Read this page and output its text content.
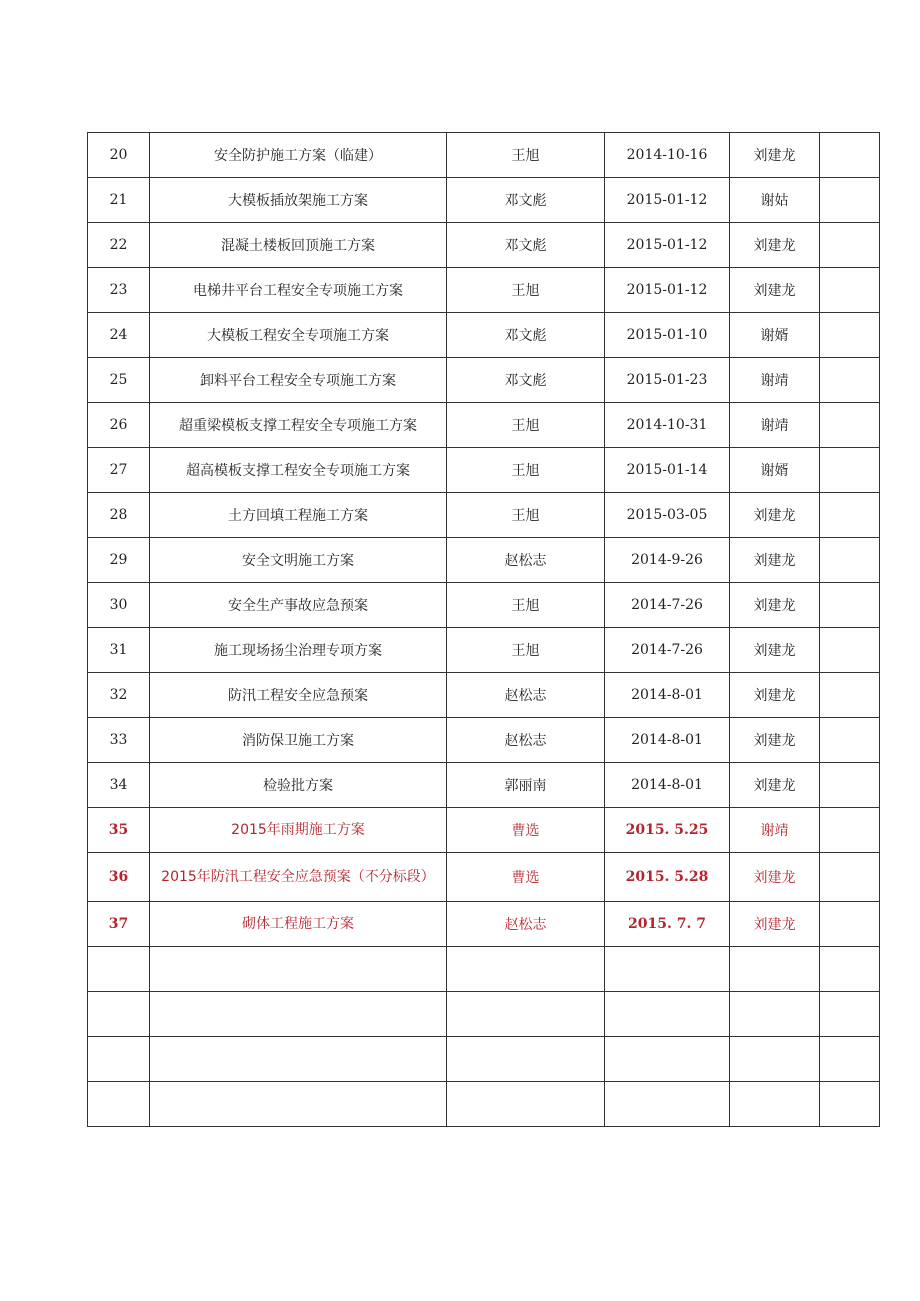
20	安全防护施工方案（临建）	王旭	2014-10-16	刘建龙	
21	大模板插放架施工方案	邓文彪	2015-01-12	谢姑	
22	混凝土楼板回顶施工方案	邓文彪	2015-01-12	刘建龙	
23	电梯井平台工程安全专项施工方案	王旭	2015-01-12	刘建龙	
24	大模板工程安全专项施工方案	邓文彪	2015-01-10	谢婿	
25	卸料平台工程安全专项施工方案	邓文彪	2015-01-23	谢靖	
26	超重梁模板支撑工程安全专项施工方案	王旭	2014-10-31	谢靖	
27	超高模板支撑工程安全专项施工方案	王旭	2015-01-14	谢婿	
28	土方回填工程施工方案	王旭	2015-03-05	刘建龙	
29	安全文明施工方案	赵松志	2014-9-26	刘建龙	
30	安全生产事故应急预案	王旭	2014-7-26	刘建龙	
31	施工现场扬尘治理专项方案	王旭	2014-7-26	刘建龙	
32	防汛工程安全应急预案	赵松志	2014-8-01	刘建龙	
33	消防保卫施工方案	赵松志	2014-8-01	刘建龙	
34	检验批方案	郭丽南	2014-8-01	刘建龙	
35	2015年雨期施工方案	曹选	2015. 5.25	谢靖	
36	2015年防汛工程安全应急预案（不分标段）	曹选	2015. 5.28	刘建龙	
37	砌体工程施工方案	赵松志	2015. 7. 7	刘建龙	
